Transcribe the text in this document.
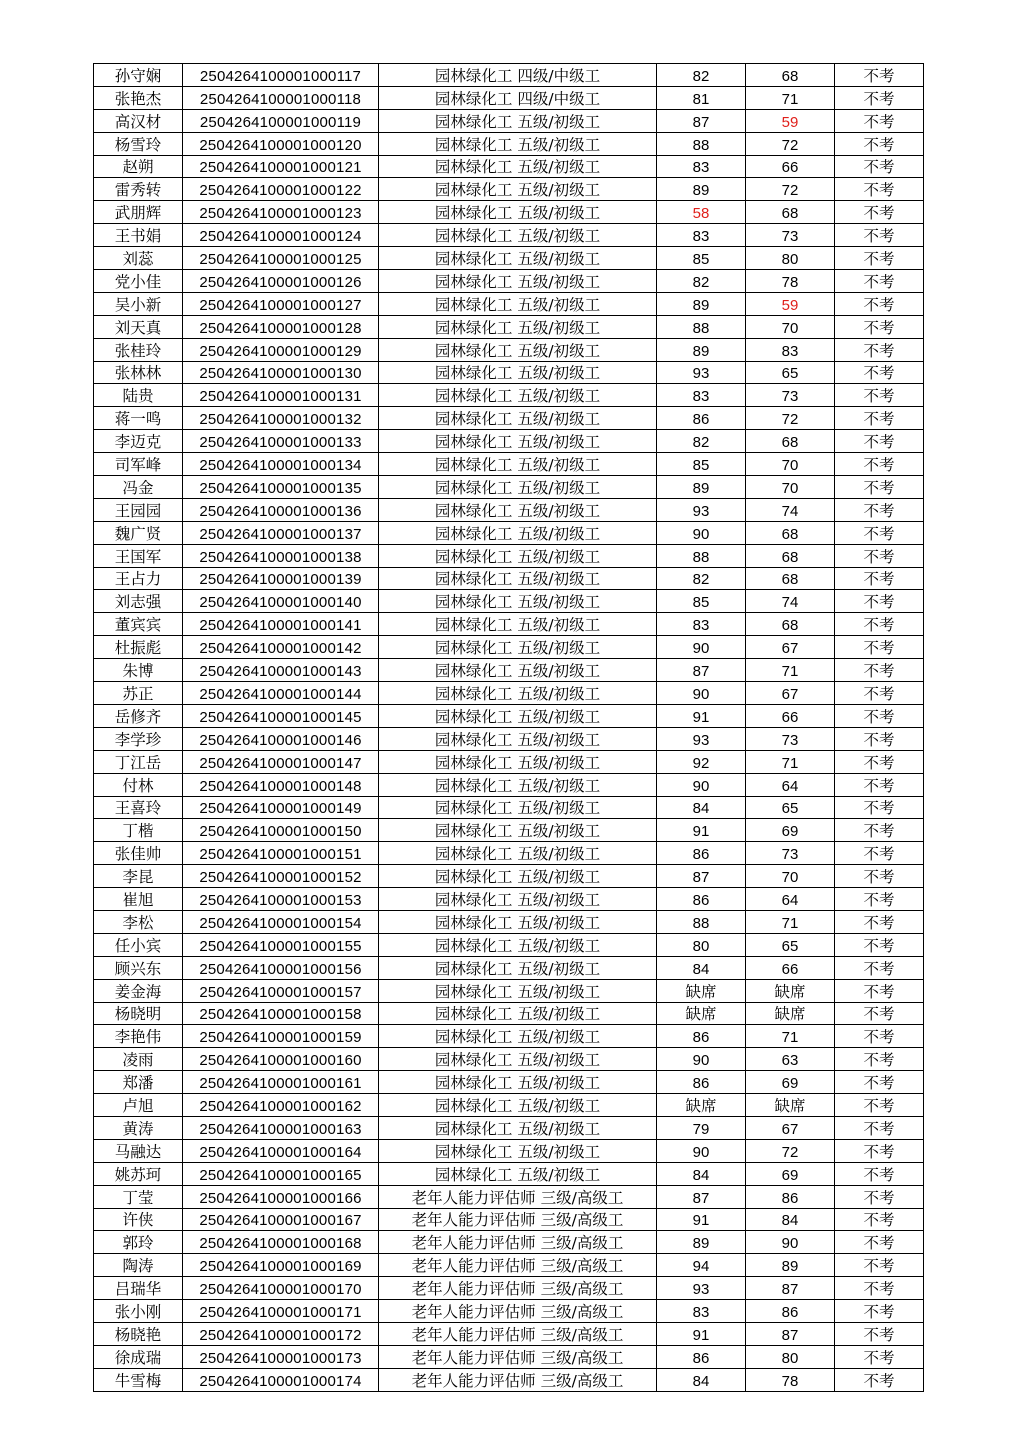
孙守娴	2504264100001000117	园林绿化工 四级/中级工	82	68	不考
张艳杰	2504264100001000118	园林绿化工 四级/中级工	81	71	不考
高汉材	2504264100001000119	园林绿化工 五级/初级工	87	59	不考
杨雪玲	2504264100001000120	园林绿化工 五级/初级工	88	72	不考
赵朔	2504264100001000121	园林绿化工 五级/初级工	83	66	不考
雷秀转	2504264100001000122	园林绿化工 五级/初级工	89	72	不考
武朋辉	2504264100001000123	园林绿化工 五级/初级工	58	68	不考
王书娟	2504264100001000124	园林绿化工 五级/初级工	83	73	不考
刘蕊	2504264100001000125	园林绿化工 五级/初级工	85	80	不考
党小佳	2504264100001000126	园林绿化工 五级/初级工	82	78	不考
吴小新	2504264100001000127	园林绿化工 五级/初级工	89	59	不考
刘天真	2504264100001000128	园林绿化工 五级/初级工	88	70	不考
张桂玲	2504264100001000129	园林绿化工 五级/初级工	89	83	不考
张林林	2504264100001000130	园林绿化工 五级/初级工	93	65	不考
陆贵	2504264100001000131	园林绿化工 五级/初级工	83	73	不考
蒋一鸣	2504264100001000132	园林绿化工 五级/初级工	86	72	不考
李迈克	2504264100001000133	园林绿化工 五级/初级工	82	68	不考
司军峰	2504264100001000134	园林绿化工 五级/初级工	85	70	不考
冯金	2504264100001000135	园林绿化工 五级/初级工	89	70	不考
王园园	2504264100001000136	园林绿化工 五级/初级工	93	74	不考
魏广贤	2504264100001000137	园林绿化工 五级/初级工	90	68	不考
王国军	2504264100001000138	园林绿化工 五级/初级工	88	68	不考
王占力	2504264100001000139	园林绿化工 五级/初级工	82	68	不考
刘志强	2504264100001000140	园林绿化工 五级/初级工	85	74	不考
董宾宾	2504264100001000141	园林绿化工 五级/初级工	83	68	不考
杜振彪	2504264100001000142	园林绿化工 五级/初级工	90	67	不考
朱博	2504264100001000143	园林绿化工 五级/初级工	87	71	不考
苏正	2504264100001000144	园林绿化工 五级/初级工	90	67	不考
岳修齐	2504264100001000145	园林绿化工 五级/初级工	91	66	不考
李学珍	2504264100001000146	园林绿化工 五级/初级工	93	73	不考
丁江岳	2504264100001000147	园林绿化工 五级/初级工	92	71	不考
付林	2504264100001000148	园林绿化工 五级/初级工	90	64	不考
王喜玲	2504264100001000149	园林绿化工 五级/初级工	84	65	不考
丁楷	2504264100001000150	园林绿化工 五级/初级工	91	69	不考
张佳帅	2504264100001000151	园林绿化工 五级/初级工	86	73	不考
李昆	2504264100001000152	园林绿化工 五级/初级工	87	70	不考
崔旭	2504264100001000153	园林绿化工 五级/初级工	86	64	不考
李松	2504264100001000154	园林绿化工 五级/初级工	88	71	不考
任小宾	2504264100001000155	园林绿化工 五级/初级工	80	65	不考
顾兴东	2504264100001000156	园林绿化工 五级/初级工	84	66	不考
姜金海	2504264100001000157	园林绿化工 五级/初级工	缺席	缺席	不考
杨晓明	2504264100001000158	园林绿化工 五级/初级工	缺席	缺席	不考
李艳伟	2504264100001000159	园林绿化工 五级/初级工	86	71	不考
凌雨	2504264100001000160	园林绿化工 五级/初级工	90	63	不考
郑潘	2504264100001000161	园林绿化工 五级/初级工	86	69	不考
卢旭	2504264100001000162	园林绿化工 五级/初级工	缺席	缺席	不考
黄涛	2504264100001000163	园林绿化工 五级/初级工	79	67	不考
马融达	2504264100001000164	园林绿化工 五级/初级工	90	72	不考
姚苏珂	2504264100001000165	园林绿化工 五级/初级工	84	69	不考
丁莹	2504264100001000166	老年人能力评估师 三级/高级工	87	86	不考
许侠	2504264100001000167	老年人能力评估师 三级/高级工	91	84	不考
郭玲	2504264100001000168	老年人能力评估师 三级/高级工	89	90	不考
陶涛	2504264100001000169	老年人能力评估师 三级/高级工	94	89	不考
吕瑞华	2504264100001000170	老年人能力评估师 三级/高级工	93	87	不考
张小刚	2504264100001000171	老年人能力评估师 三级/高级工	83	86	不考
杨晓艳	2504264100001000172	老年人能力评估师 三级/高级工	91	87	不考
徐成瑞	2504264100001000173	老年人能力评估师 三级/高级工	86	80	不考
牛雪梅	2504264100001000174	老年人能力评估师 三级/高级工	84	78	不考
